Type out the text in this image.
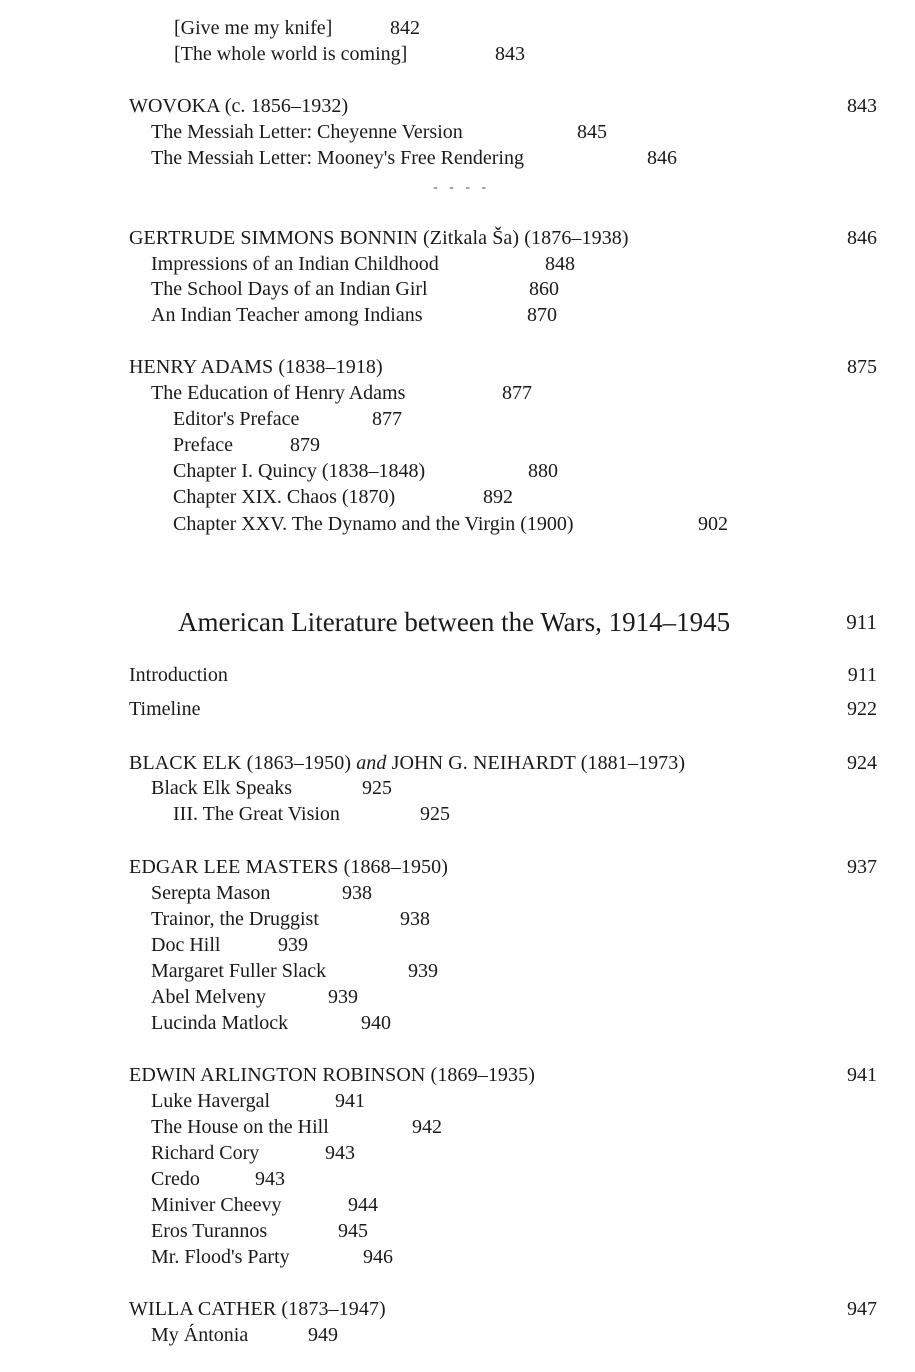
[Give me my knife]	842
[The whole world is coming]	843
WOVOKA (c. 1856–1932)	843
The Messiah Letter: Cheyenne Version	845
The Messiah Letter: Mooney's Free Rendering	846
- - - -
GERTRUDE SIMMONS BONNIN (Zitkala Ša) (1876–1938)	846
Impressions of an Indian Childhood	848
The School Days of an Indian Girl	860
An Indian Teacher among Indians	870
HENRY ADAMS (1838–1918)	875
The Education of Henry Adams	877
Editor's Preface	877
Preface	879
Chapter I. Quincy (1838–1848)	880
Chapter XIX. Chaos (1870)	892
Chapter XXV. The Dynamo and the Virgin (1900)	902
American Literature between the Wars, 1914–1945	911
Introduction	911
Timeline	922
BLACK ELK (1863–1950) and JOHN G. NEIHARDT (1881–1973)	924
Black Elk Speaks	925
III. The Great Vision	925
EDGAR LEE MASTERS (1868–1950)	937
Serepta Mason	938
Trainor, the Druggist	938
Doc Hill	939
Margaret Fuller Slack	939
Abel Melveny	939
Lucinda Matlock	940
EDWIN ARLINGTON ROBINSON (1869–1935)	941
Luke Havergal	941
The House on the Hill	942
Richard Cory	943
Credo	943
Miniver Cheevy	944
Eros Turannos	945
Mr. Flood's Party	946
WILLA CATHER (1873–1947)	947
My Ántonia	949
